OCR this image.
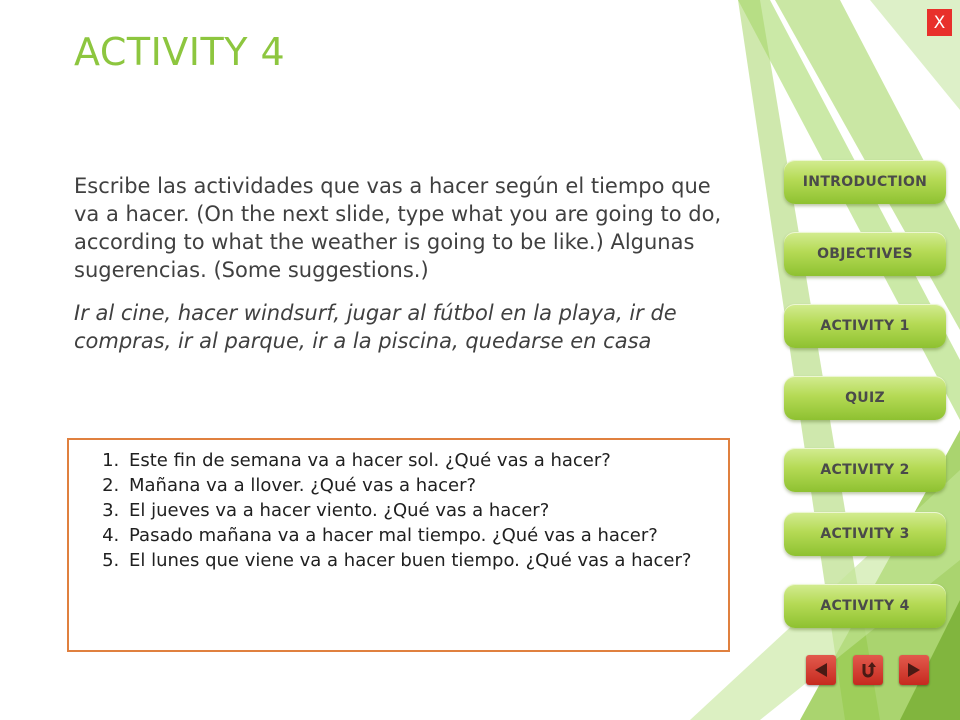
ACTIVITY 4

Escribe las actividades que vas a hacer según el tiempo que va a hacer. (On the next slide, type what you are going to do, according to what the weather is going to be like.) Algunas sugerencias. (Some suggestions.)

Ir al cine, hacer windsurf, jugar al fútbol en la playa, ir de compras, ir al parque, ir a la piscina, quedarse en casa

1. Este fin de semana va a hacer sol. ¿Qué vas a hacer?
2. Mañana va a llover. ¿Qué vas a hacer?
3. El jueves va a hacer viento. ¿Qué vas a hacer?
4. Pasado mañana va a hacer mal tiempo. ¿Qué vas a hacer?
5. El lunes que viene va a hacer buen tiempo. ¿Qué vas a hacer?
X
INTRODUCTION
OBJECTIVES
ACTIVITY 1
QUIZ
ACTIVITY 2
ACTIVITY 3
ACTIVITY 4
